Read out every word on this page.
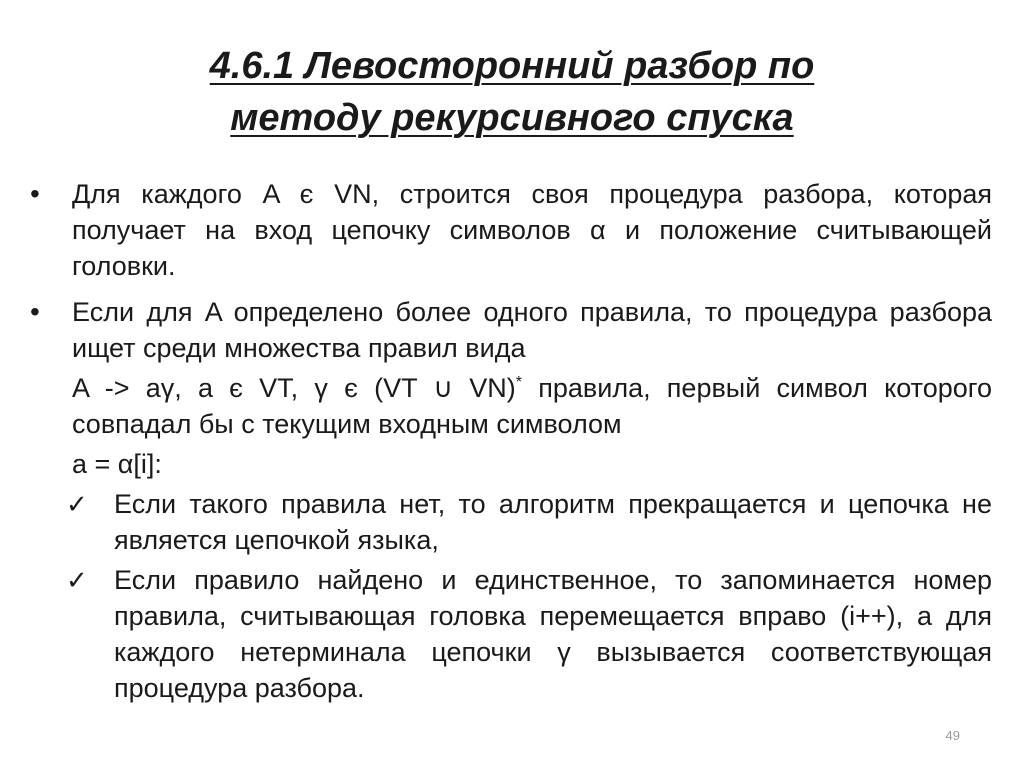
4.6.1 Левосторонний разбор по
методу рекурсивного спуска
•	Для каждого A є VN, строится своя процедура разбора, которая получает на вход цепочку символов α и положение считывающей головки.
•	Если для A определено более одного правила, то процедура разбора ищет среди множества правил вида
A -> aγ, a є VT, γ є (VT ∪ VN)* правила, первый символ которого совпадал бы с текущим входным символом
a = α[i]:
✓ Если такого правила нет, то алгоритм прекращается и цепочка не является цепочкой языка,
✓ Если правило найдено и единственное, то запоминается номер правила, считывающая головка перемещается вправо (i++), а для каждого нетерминала цепочки γ вызывается соответствующая процедура разбора.
49
